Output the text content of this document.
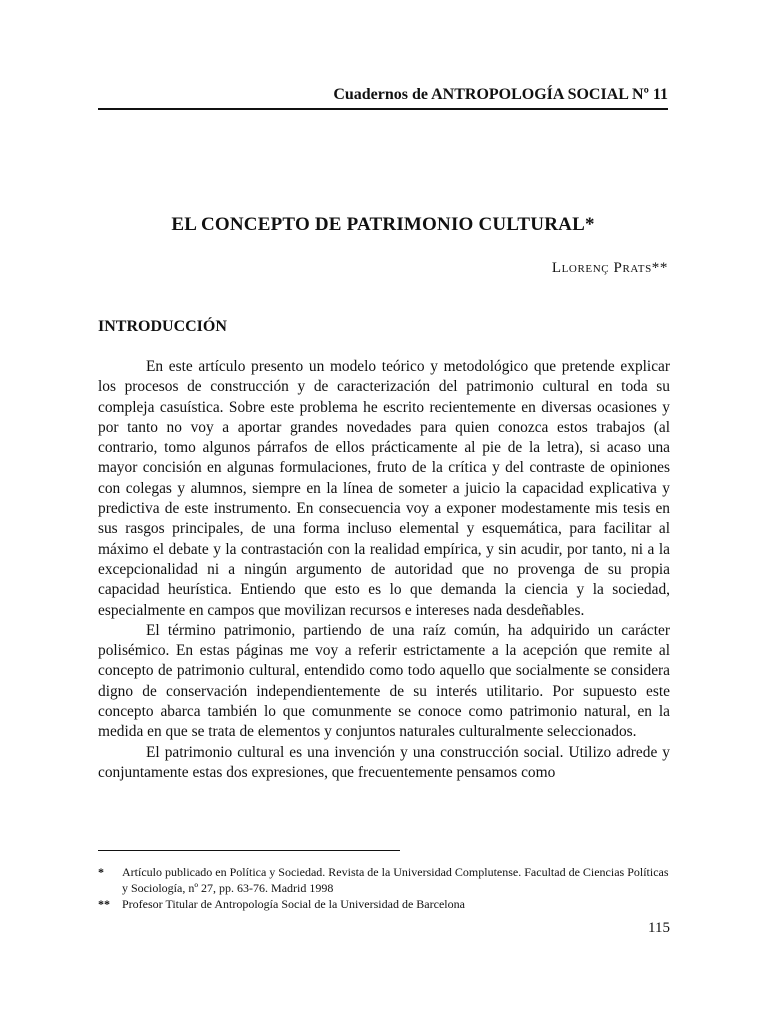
Cuadernos de ANTROPOLOGÍA SOCIAL Nº 11
EL CONCEPTO DE PATRIMONIO CULTURAL*
Llorenç Prats**
INTRODUCCIÓN

En este artículo presento un modelo teórico y metodológico que pretende explicar los procesos de construcción y de caracterización del patrimonio cultural en toda su compleja casuística. Sobre este problema he escrito recientemente en diversas ocasiones y por tanto no voy a aportar grandes novedades para quien conozca estos trabajos (al contrario, tomo algunos párrafos de ellos prácticamente al pie de la letra), si acaso una mayor concisión en algunas formulaciones, fruto de la crítica y del contraste de opiniones con colegas y alumnos, siempre en la línea de someter a juicio la capacidad explicativa y predictiva de este instrumento. En consecuencia voy a exponer modestamente mis tesis en sus rasgos principales, de una forma incluso elemental y esquemática, para facilitar al máximo el debate y la contrastación con la realidad empírica, y sin acudir, por tanto, ni a la excepcionalidad ni a ningún argumento de autoridad que no provenga de su propia capacidad heurística. Entiendo que esto es lo que demanda la ciencia y la sociedad, especialmente en campos que movilizan recursos e intereses nada desdeñables.

El término patrimonio, partiendo de una raíz común, ha adquirido un carácter polisémico. En estas páginas me voy a referir estrictamente a la acepción que remite al concepto de patrimonio cultural, entendido como todo aquello que socialmente se considera digno de conservación independientemente de su interés utilitario. Por supuesto este concepto abarca también lo que comunmente se conoce como patrimonio natural, en la medida en que se trata de elementos y conjuntos naturales culturalmente seleccionados.

El patrimonio cultural es una invención y una construcción social. Utilizo adrede y conjuntamente estas dos expresiones, que frecuentemente pensamos como

*	Artículo publicado en Política y Sociedad. Revista de la Universidad Complutense. Facultad de Ciencias Políticas y Sociología, nº 27, pp. 63-76. Madrid 1998
**	Profesor Titular de Antropología Social de la Universidad de Barcelona
115
